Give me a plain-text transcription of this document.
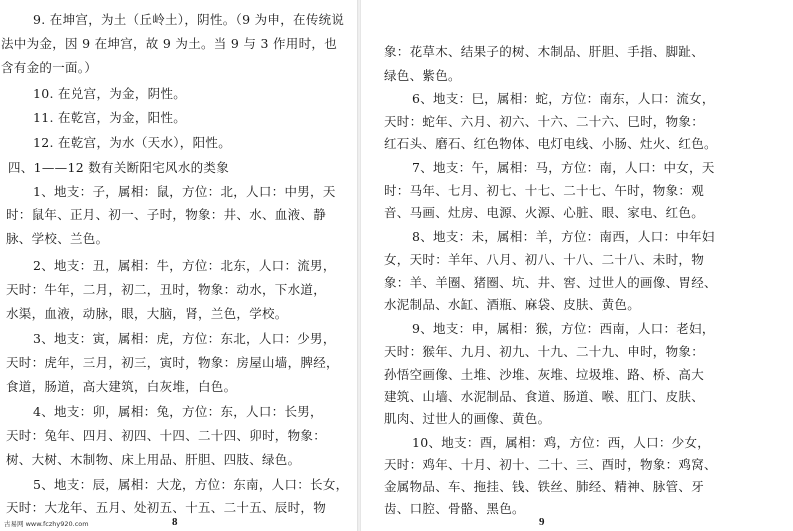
9. 在坤宫，为土（丘岭土），阴性。（9 为申，在传统说
法中为金，因 9 在坤宫，故 9 为土。当 9 与 3 作用时，也
含有金的一面。）
10. 在兑宫，为金，阴性。
11. 在乾宫，为金，阳性。
12. 在乾宫，为水（天水），阳性。
四、1——12 数有关断阳宅风水的类象
1、地支：子，属相：鼠，方位：北，人口：中男，天
时：鼠年、正月、初一、子时，物象：井、水、血液、静
脉、学校、兰色。
2、地支：丑，属相：牛，方位：北东，人口：流男，
天时：牛年，二月，初二，丑时，物象：动水，下水道，
水渠，血液，动脉，眼，大脑，肾，兰色，学校。
3、地支：寅，属相：虎，方位：东北，人口：少男，
天时：虎年，三月，初三，寅时，物象：房屋山墙，脾经，
食道，肠道，高大建筑，白灰堆，白色。
4、地支：卯，属相：兔，方位：东，人口：长男，
天时：兔年、四月、初四、十四、二十四、卯时，物象：
树、大树、木制物、床上用品、肝胆、四肢、绿色。
5、地支：辰，属相：大龙，方位：东南，人口：长女，
天时：大龙年、五月、处初五、十五、二十五、辰时，物
8
象：花草木、结果子的树、木制品、肝胆、手指、脚趾、
绿色、紫色。
6、地支：巳，属相：蛇，方位：南东，人口：流女，
天时：蛇年、六月、初六、十六、二十六、巳时，物象：
红石头、磨石、红色物体、电灯电线、小肠、灶火、红色。
7、地支：午，属相：马，方位：南，人口：中女，天
时：马年、七月、初七、十七、二十七、午时，物象：观
音、马画、灶房、电源、火源、心脏、眼、家电、红色。
8、地支：未，属相：羊，方位：南西，人口：中年妇
女，天时：羊年、八月、初八、十八、二十八、未时，物
象：羊、羊圈、猪圈、坑、井、窖、过世人的画像、胃经、
水泥制品、水缸、酒瓶、麻袋、皮肤、黄色。
9、地支：申，属相：猴，方位：西南，人口：老妇，
天时：猴年、九月、初九、十九、二十九、申时，物象：
孙悟空画像、土堆、沙堆、灰堆、垃圾堆、路、桥、高大
建筑、山墙、水泥制品、食道、肠道、喉、肛门、皮肤、
肌肉、过世人的画像、黄色。
10、地支：酉，属相：鸡，方位：西，人口：少女，
天时：鸡年、十月、初十、二十、三、酉时，物象：鸡窝、
金属物品、车、拖挂、钱、铁丝、肺经、精神、脉管、牙
齿、口腔、骨骼、黑色。
9
古易网 www.fczhy920.com
